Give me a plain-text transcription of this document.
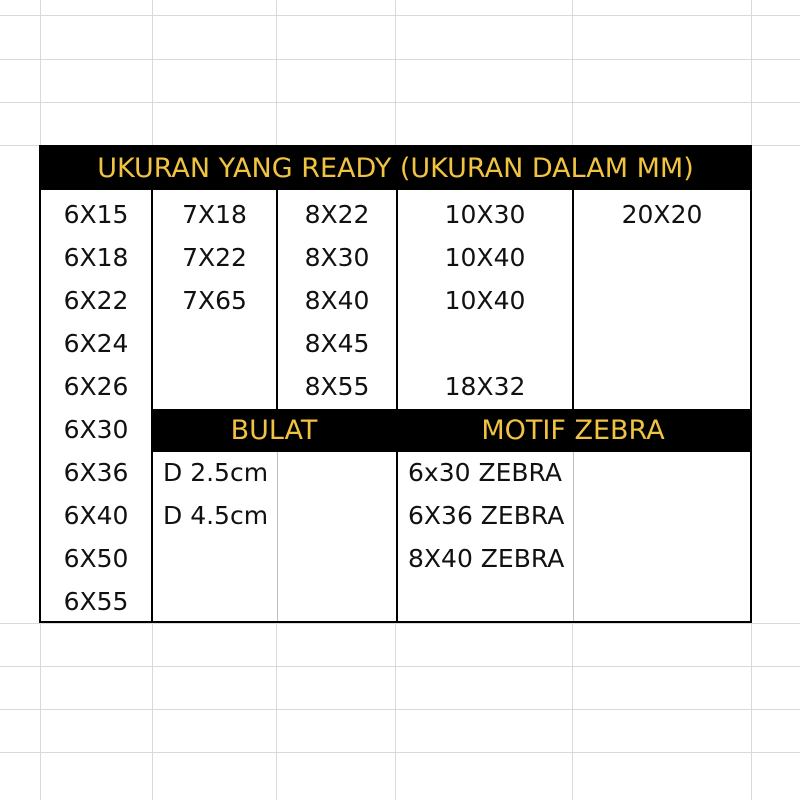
UKURAN YANG READY (UKURAN DALAM MM)
BULAT	MOTIF ZEBRA
6X15
6X18
6X22
6X24
6X26
6X30
6X36
6X40
6X50
6X55
7X18
7X22
7X65
8X22
8X30
8X40
8X45
8X55
10X30
10X40
10X40
18X32
20X20
D 2.5cm
D 4.5cm
6x30 ZEBRA
6X36 ZEBRA
8X40 ZEBRA
